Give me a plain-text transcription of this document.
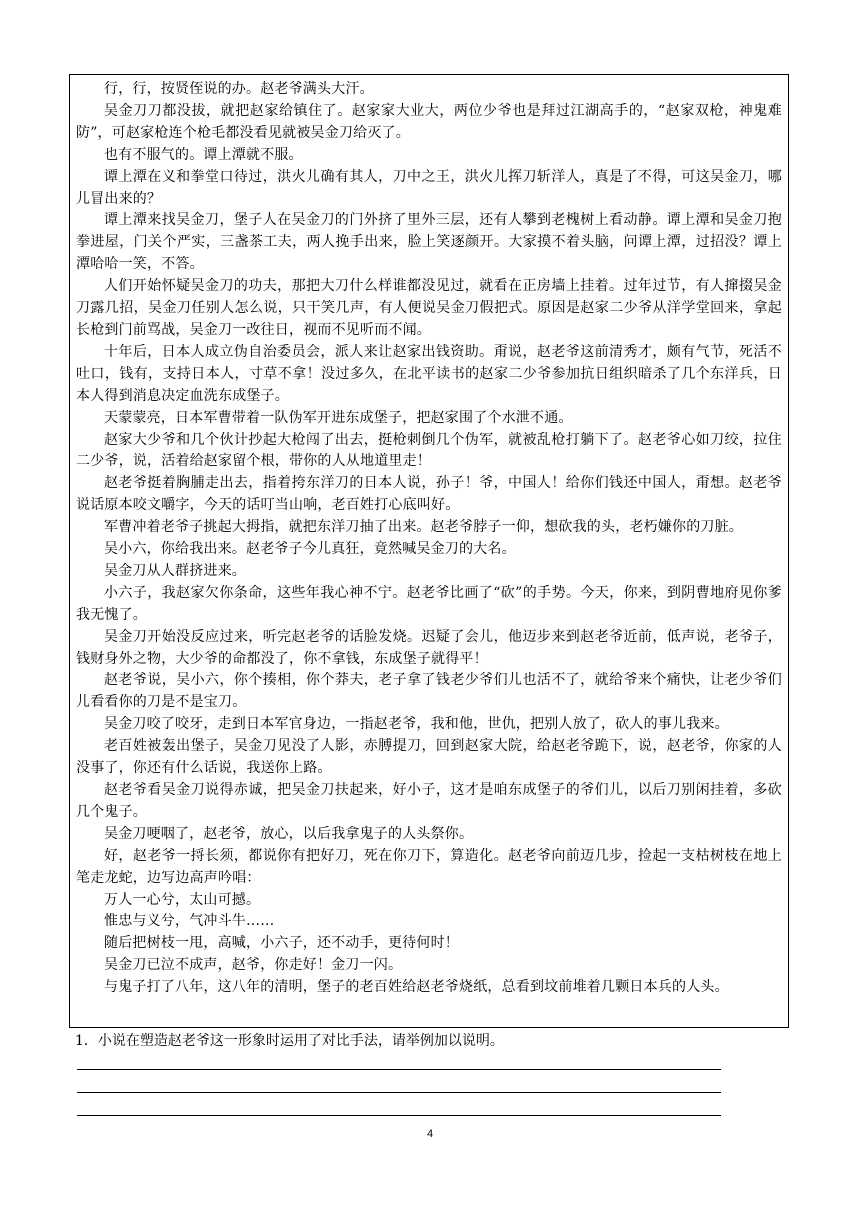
行，行，按贤侄说的办。赵老爷满头大汗。

吴金刀刀都没拔，就把赵家给镇住了。赵家家大业大，两位少爷也是拜过江湖高手的，“赵家双枪，神鬼难防”，可赵家枪连个枪毛都没看见就被吴金刀给灭了。

也有不服气的。谭上潭就不服。

谭上潭在义和拳堂口待过，洪火儿确有其人，刀中之王，洪火儿挥刀斩洋人，真是了不得，可这吴金刀，哪儿冒出来的？

谭上潭来找吴金刀，堡子人在吴金刀的门外挤了里外三层，还有人攀到老槐树上看动静。谭上潭和吴金刀抱拳进屋，门关个严实，三盏茶工夫，两人挽手出来，脸上笑逐颜开。大家摸不着头脑，问谭上潭，过招没？谭上潭哈哈一笑，不答。

人们开始怀疑吴金刀的功夫，那把大刀什么样谁都没见过，就看在正房墙上挂着。过年过节，有人撺掇吴金刀露几招，吴金刀任别人怎么说，只干笑几声，有人便说吴金刀假把式。原因是赵家二少爷从洋学堂回来，拿起长枪到门前骂战，吴金刀一改往日，视而不见听而不闻。

十年后，日本人成立伪自治委员会，派人来让赵家出钱资助。甭说，赵老爷这前清秀才，颇有气节，死活不吐口，钱有，支持日本人，寸草不拿！没过多久，在北平读书的赵家二少爷参加抗日组织暗杀了几个东洋兵，日本人得到消息决定血洗东成堡子。

天蒙蒙亮，日本军曹带着一队伪军开进东成堡子，把赵家围了个水泄不通。

赵家大少爷和几个伙计抄起大枪闯了出去，挺枪刺倒几个伪军，就被乱枪打躺下了。赵老爷心如刀绞，拉住二少爷，说，活着给赵家留个根，带你的人从地道里走！

赵老爷挺着胸脯走出去，指着挎东洋刀的日本人说，孙子！爷，中国人！给你们钱还中国人，甭想。赵老爷说话原本咬文嚼字，今天的话叮当山响，老百姓打心底叫好。

军曹冲着老爷子挑起大拇指，就把东洋刀抽了出来。赵老爷脖子一仰，想砍我的头，老朽嫌你的刀脏。

吴小六，你给我出来。赵老爷子今儿真狂，竟然喊吴金刀的大名。

吴金刀从人群挤进来。

小六子，我赵家欠你条命，这些年我心神不宁。赵老爷比画了“砍”的手势。今天，你来，到阴曹地府见你爹我无愧了。

吴金刀开始没反应过来，听完赵老爷的话脸发烧。迟疑了会儿，他迈步来到赵老爷近前，低声说，老爷子，钱财身外之物，大少爷的命都没了，你不拿钱，东成堡子就得平！

赵老爷说，吴小六，你个揍相，你个莽夫，老子拿了钱老少爷们儿也活不了，就给爷来个痛快，让老少爷们儿看看你的刀是不是宝刀。

吴金刀咬了咬牙，走到日本军官身边，一指赵老爷，我和他，世仇，把别人放了，砍人的事儿我来。

老百姓被轰出堡子，吴金刀见没了人影，赤膊提刀，回到赵家大院，给赵老爷跪下，说，赵老爷，你家的人没事了，你还有什么话说，我送你上路。

赵老爷看吴金刀说得赤诚，把吴金刀扶起来，好小子，这才是咱东成堡子的爷们儿，以后刀别闲挂着，多砍几个鬼子。

吴金刀哽咽了，赵老爷，放心，以后我拿鬼子的人头祭你。

好，赵老爷一捋长须，都说你有把好刀，死在你刀下，算造化。赵老爷向前迈几步，捡起一支枯树枝在地上笔走龙蛇，边写边高声吟唱：

万人一心兮，太山可撼。

惟忠与义兮，气冲斗牛……

随后把树枝一甩，高喊，小六子，还不动手，更待何时！

吴金刀已泣不成声，赵爷，你走好！金刀一闪。

与鬼子打了八年，这八年的清明，堡子的老百姓给赵老爷烧纸，总看到坟前堆着几颗日本兵的人头。

1．小说在塑造赵老爷这一形象时运用了对比手法，请举例加以说明。

4
